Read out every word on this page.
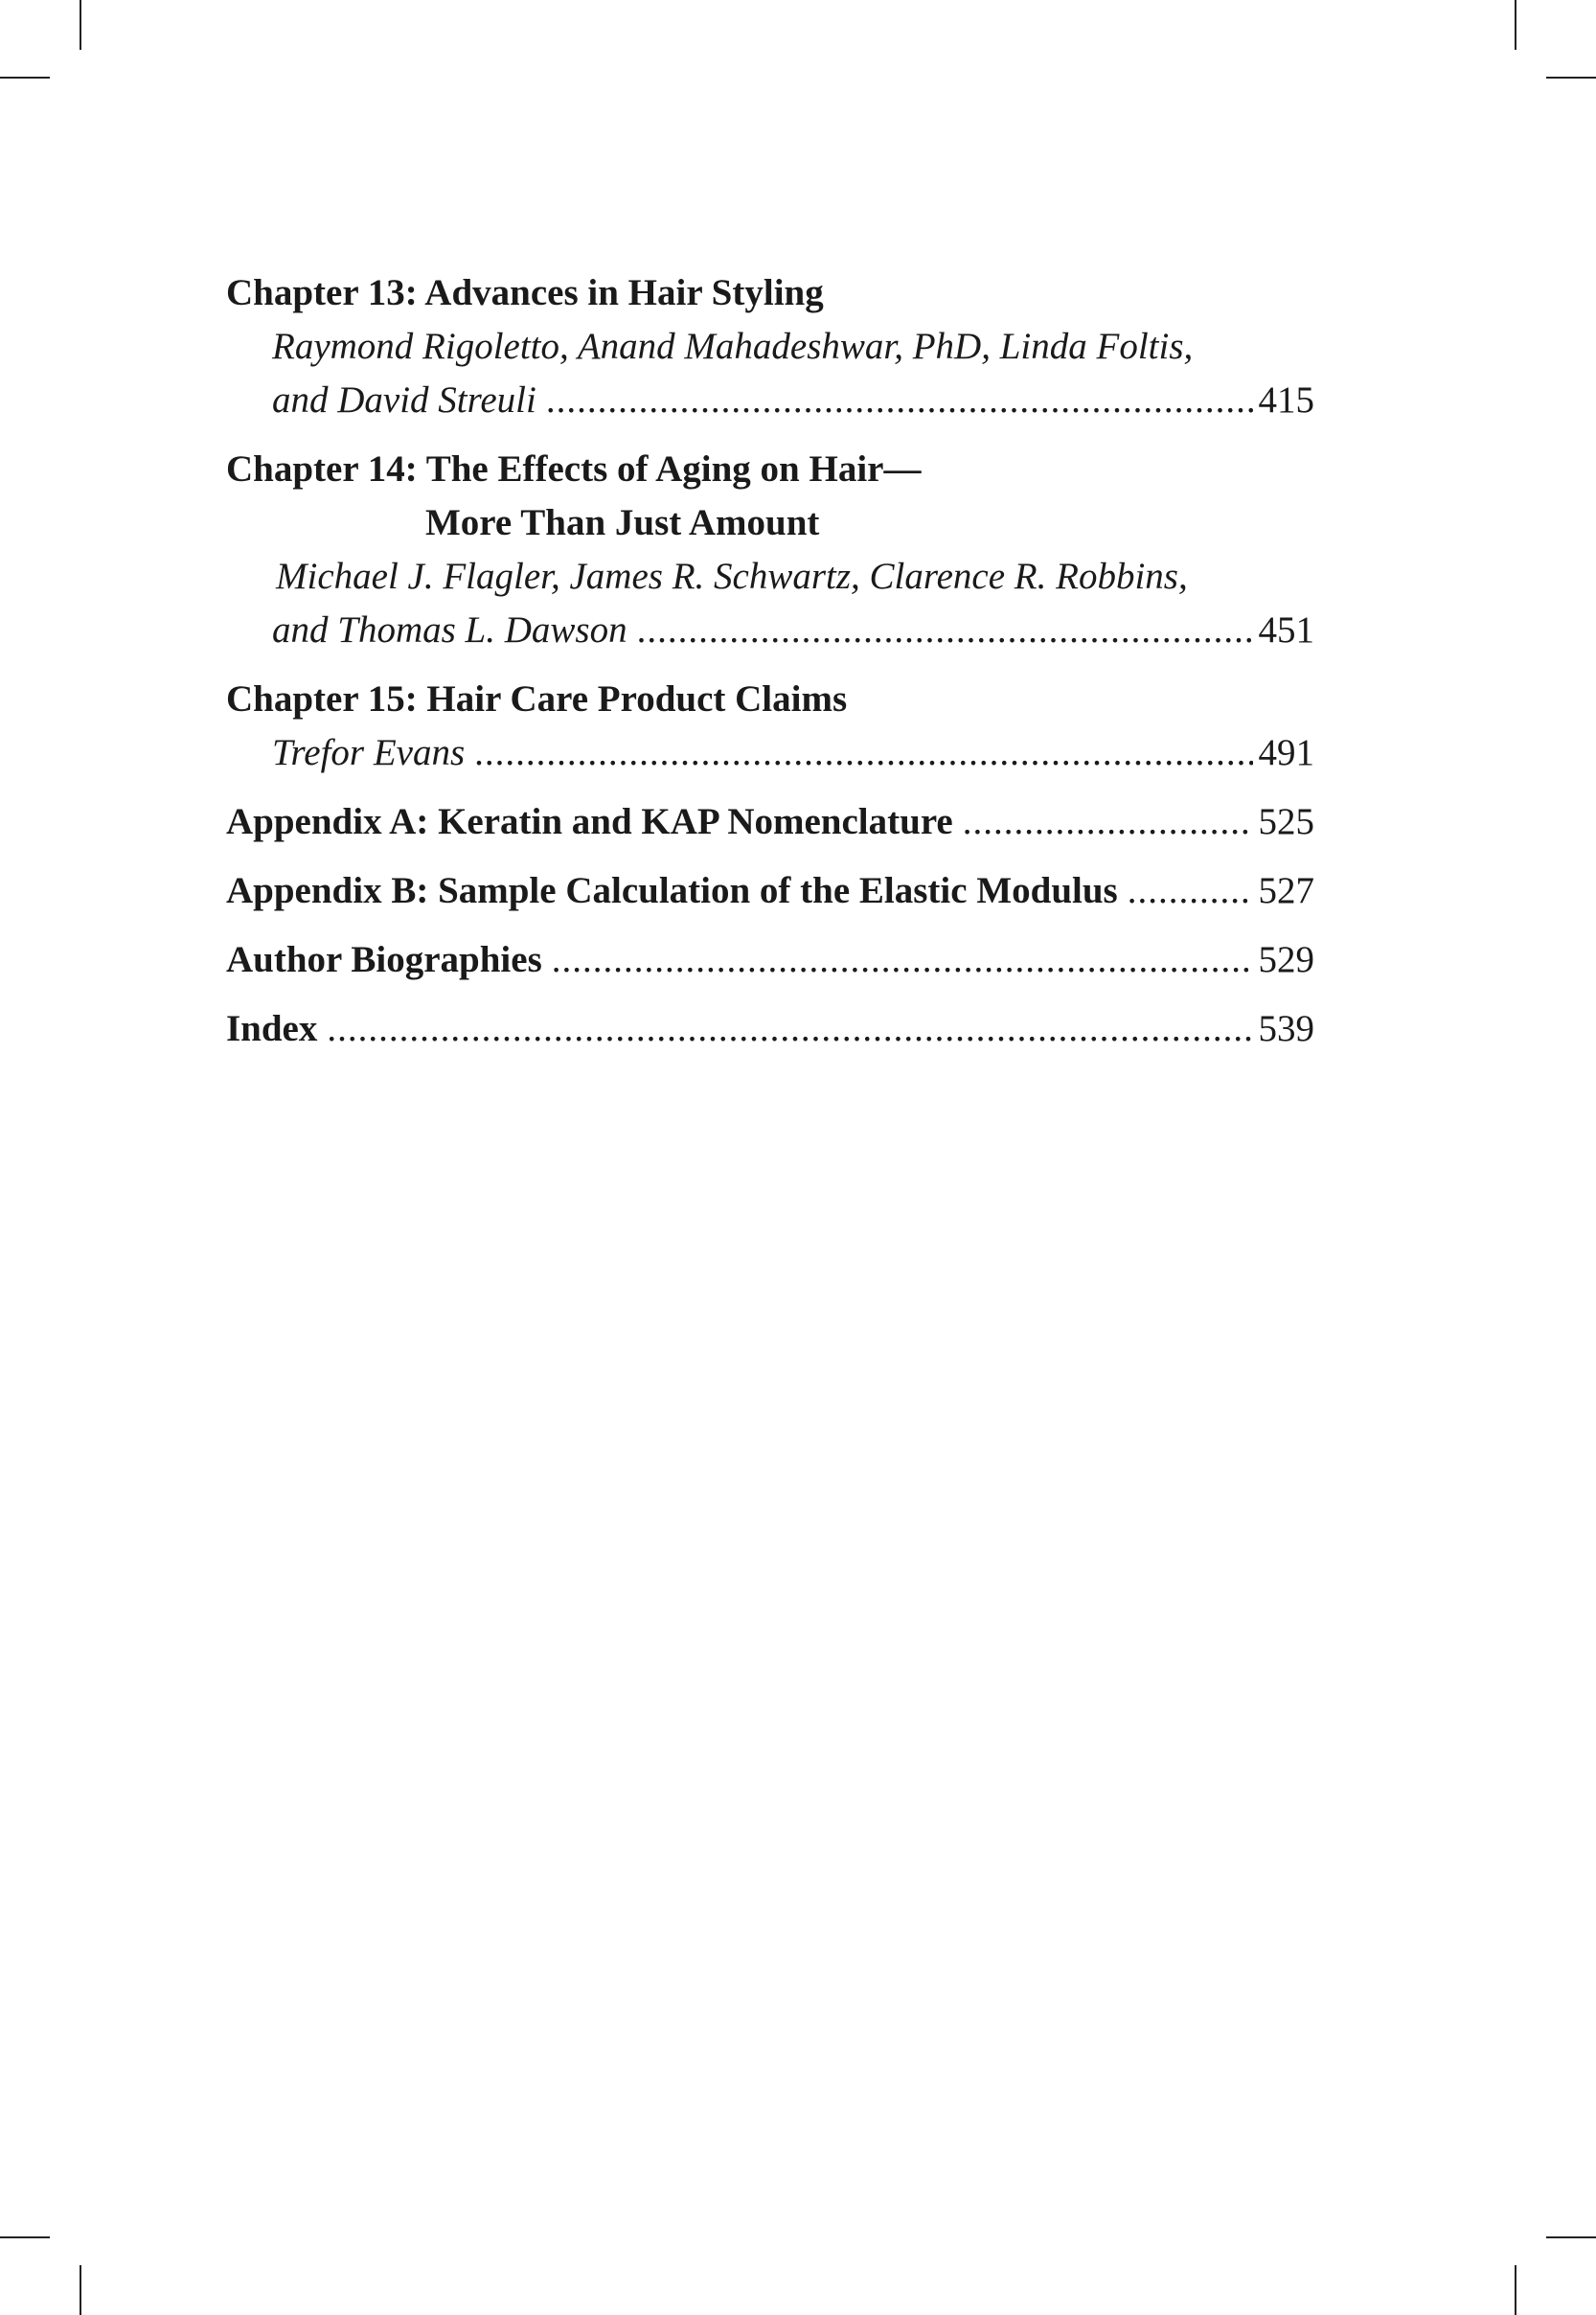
Chapter 13: Advances in Hair Styling
Raymond Rigoletto, Anand Mahadeshwar, PhD, Linda Foltis,
and David Streuli .....	415
Chapter 14: The Effects of Aging on Hair—
More Than Just Amount
Michael J. Flagler, James R. Schwartz, Clarence R. Robbins,
and Thomas L. Dawson .....	451
Chapter 15: Hair Care Product Claims
Trefor Evans .....	491
Appendix A: Keratin and KAP Nomenclature .....	525
Appendix B: Sample Calculation of the Elastic Modulus .....	527
Author Biographies .....	529
Index .....	539
